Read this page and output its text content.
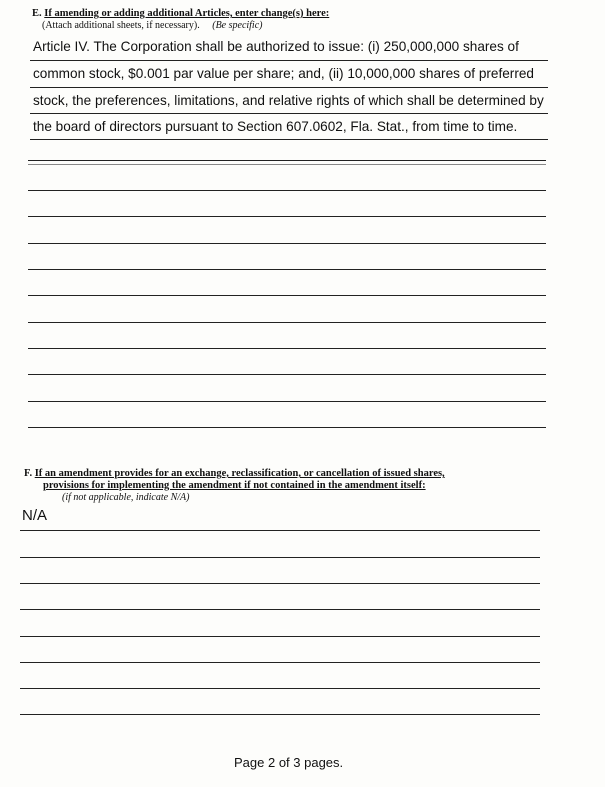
E. If amending or adding additional Articles, enter change(s) here:
(Attach additional sheets, if necessary). (Be specific)
Article IV. The Corporation shall be authorized to issue: (i) 250,000,000 shares of
common stock, $0.001 par value per share; and, (ii) 10,000,000 shares of preferred
stock, the preferences, limitations, and relative rights of which shall be determined by
the board of directors pursuant to Section 607.0602, Fla. Stat., from time to time.
F. If an amendment provides for an exchange, reclassification, or cancellation of issued shares,
provisions for implementing the amendment if not contained in the amendment itself:
(if not applicable, indicate N/A)
N/A
Page 2 of 3 pages.
